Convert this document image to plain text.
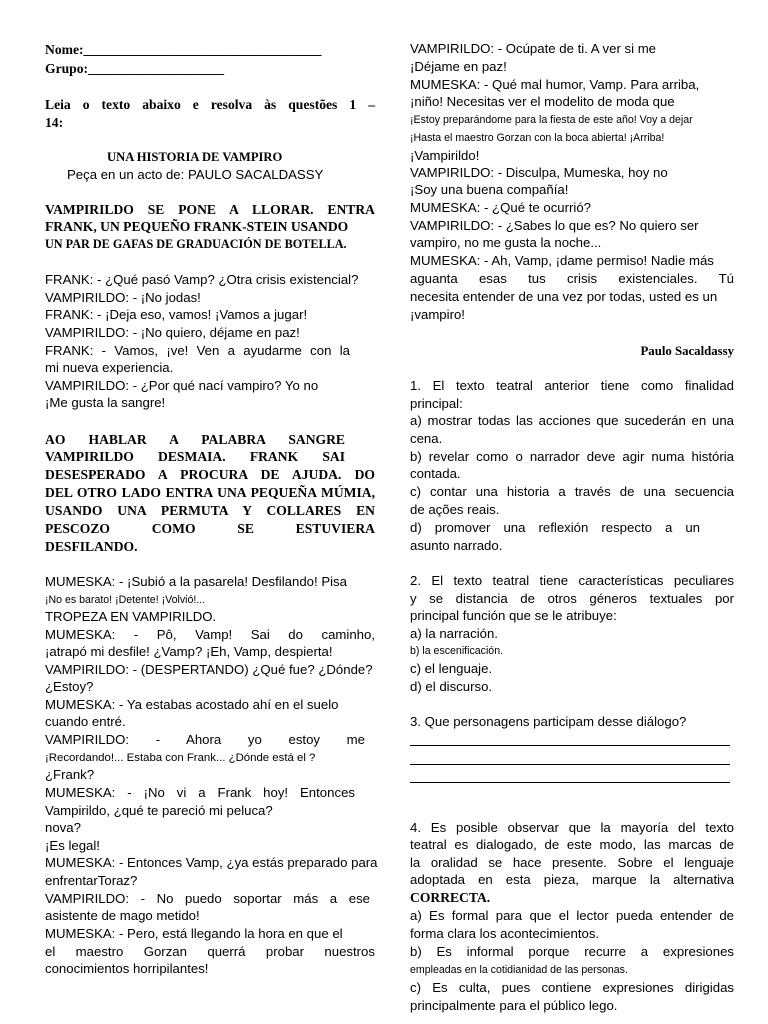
Nome:___________________________________
Grupo:____________________
Leia o texto abaixo e resolva às questões 1 –
14:
UNA HISTORIA DE VAMPIRO
Peça en un acto de: PAULO SACALDASSY
VAMPIRILDO SE PONE A LLORAR. ENTRA
FRANK, UN PEQUEÑO FRANK-STEIN USANDO
UN PAR DE GAFAS DE GRADUACIÓN DE BOTELLA.
FRANK: - ¿Qué pasó Vamp? ¿Otra crisis existencial?
VAMPIRILDO: - ¡No jodas!
FRANK: - ¡Deja eso, vamos! ¡Vamos a jugar!
VAMPIRILDO: - ¡No quiero, déjame en paz!
FRANK: - Vamos, ¡ve! Ven a ayudarme con la
mi nueva experiencia.
VAMPIRILDO: - ¿Por qué nací vampiro? Yo no
¡Me gusta la sangre!
AO HABLAR A PALABRA SANGRE
VAMPIRILDO DESMAIA. FRANK SAI
DESESPERADO A PROCURA DE AJUDA. DO
DEL OTRO LADO ENTRA UNA PEQUEÑA MÚMIA,
USANDO UNA PERMUTA Y COLLARES EN
PESCOZO COMO SE ESTUVIERA
DESFILANDO.
MUMESKA: - ¡Subió a la pasarela! Desfilando! Pisa
¡No es barato! ¡Detente! ¡Volvió!...
TROPEZA EN VAMPIRILDO.
MUMESKA: - Pô, Vamp! Sai do caminho,
¡atrapó mi desfile! ¿Vamp? ¡Eh, Vamp, despierta!
VAMPIRILDO: - (DESPERTANDO) ¿Qué fue? ¿Dónde?
¿Estoy?
MUMESKA: - Ya estabas acostado ahí en el suelo
cuando entré.
VAMPIRILDO: - Ahora yo estoy me
¡Recordando!... Estaba con Frank... ¿Dónde está el ?
¿Frank?
MUMESKA: - ¡No vi a Frank hoy! Entonces
Vampirildo, ¿qué te pareció mi peluca?
nova?
¡Es legal!
MUMESKA: - Entonces Vamp, ¿ya estás preparado para
enfrentarToraz?
VAMPIRILDO: - No puedo soportar más a ese
asistente de mago metido!
MUMESKA: - Pero, está llegando la hora en que el
el maestro Gorzan querrá probar nuestros
conocimientos horripilantes!
VAMPIRILDO: - Ocúpate de ti. A ver si me
¡Déjame en paz!
MUMESKA: - Qué mal humor, Vamp. Para arriba,
¡niño! Necesitas ver el modelito de moda que
¡Estoy preparándome para la fiesta de este año! Voy a dejar
¡Hasta el maestro Gorzan con la boca abierta! ¡Arriba!
¡Vampirildo!
VAMPIRILDO: - Disculpa, Mumeska, hoy no
¡Soy una buena compañía!
MUMESKA: - ¿Qué te ocurrió?
VAMPIRILDO: - ¿Sabes lo que es? No quiero ser
vampiro, no me gusta la noche...
MUMESKA: - Ah, Vamp, ¡dame permiso! Nadie más
aguanta esas tus crisis existenciales. Tú
necesita entender de una vez por todas, usted es un
¡vampiro!
Paulo Sacaldassy
1. El texto teatral anterior tiene como finalidad
principal:
a) mostrar todas las acciones que sucederán en una
cena.
b) revelar como o narrador deve agir numa história
contada.
c) contar una historia a través de una secuencia
de ações reais.
d) promover una reflexión respecto a un
asunto narrado.
2. El texto teatral tiene características peculiares
y se distancia de otros géneros textuales por
principal función que se le atribuye:
a) la narración.
b) la escenificación.
c) el lenguaje.
d) el discurso.
3. Que personagens participam desse diálogo?
4. Es posible observar que la mayoría del texto
teatral es dialogado, de este modo, las marcas de
la oralidad se hace presente. Sobre el lenguaje
adoptada en esta pieza, marque la alternativa
CORRECTA.
a) Es formal para que el lector pueda entender de
forma clara los acontecimientos.
b) Es informal porque recurre a expresiones
empleadas en la cotidianidad de las personas.
c) Es culta, pues contiene expresiones dirigidas
principalmente para el público lego.
